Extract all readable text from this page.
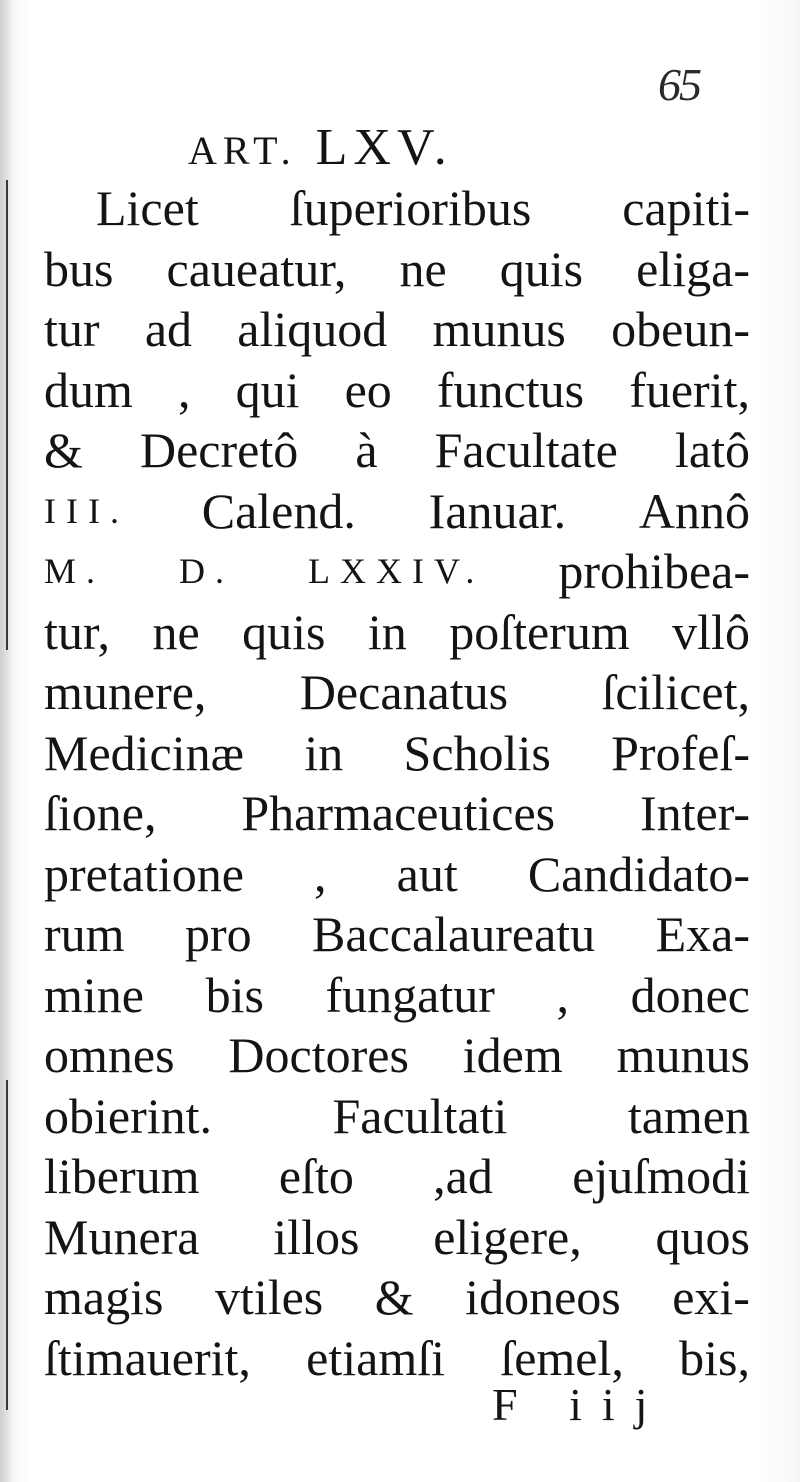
65
ART. LXV.
Licet ſuperioribus capiti-
bus caueatur, ne quis eliga-
tur ad aliquod munus obeun-
dum , qui eo functus fuerit,
& Decretô à Facultate latô
III. Calend. Ianuar. Annô
M. D. LXXIV. prohibea-
tur, ne quis in poſterum vllô
munere, Decanatus ſcilicet,
Medicinæ in Scholis Profeſ-
ſione, Pharmaceutices Inter-
pretatione , aut Candidato-
rum pro Baccalaureatu Exa-
mine bis fungatur , donec
omnes Doctores idem munus
obierint. Facultati tamen
liberum eſto ,ad ejuſmodi
Munera illos eligere, quos
magis vtiles & idoneos exi-
ſtimauerit, etiamſi ſemel, bis,
F iij
